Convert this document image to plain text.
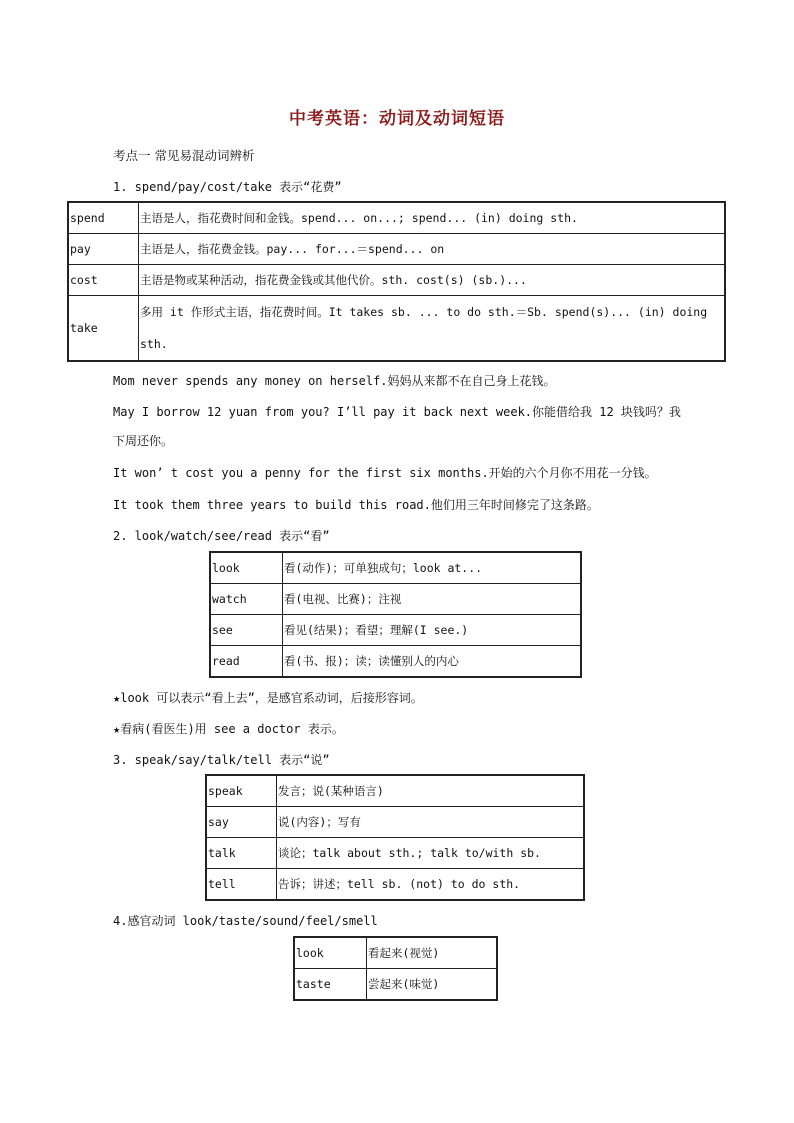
中考英语：动词及动词短语
考点一 常见易混动词辨析
1. spend/pay/cost/take 表示“花费”
spend	主语是人，指花费时间和金钱。spend... on...; spend... (in) doing sth.
pay	主语是人，指花费金钱。pay... for...＝spend... on
cost	主语是物或某种活动，指花费金钱或其他代价。sth. cost(s) (sb.)...
take	多用 it 作形式主语，指花费时间。It takes sb. ... to do sth.＝Sb. spend(s)... (in) doing sth.
Mom never spends any money on herself.妈妈从来都不在自己身上花钱。
May I borrow 12 yuan from you? I’ll pay it back next week.你能借给我 12 块钱吗？我
下周还你。
It won’ t cost you a penny for the first six months.开始的六个月你不用花一分钱。
It took them three years to build this road.他们用三年时间修完了这条路。
2. look/watch/see/read 表示“看”
look	看(动作)；可单独成句；look at...
watch	看(电视、比赛)；注视
see	看见(结果)；看望；理解(I see.)
read	看(书、报)；读；读懂别人的内心
★look 可以表示“看上去”，是感官系动词，后接形容词。
★看病(看医生)用 see a doctor 表示。
3. speak/say/talk/tell 表示“说”
speak	发言；说(某种语言)
say	说(内容)；写有
talk	谈论；talk about sth.; talk to/with sb.
tell	告诉；讲述；tell sb. (not) to do sth.
4.感官动词 look/taste/sound/feel/smell
look	看起来(视觉)
taste	尝起来(味觉)
